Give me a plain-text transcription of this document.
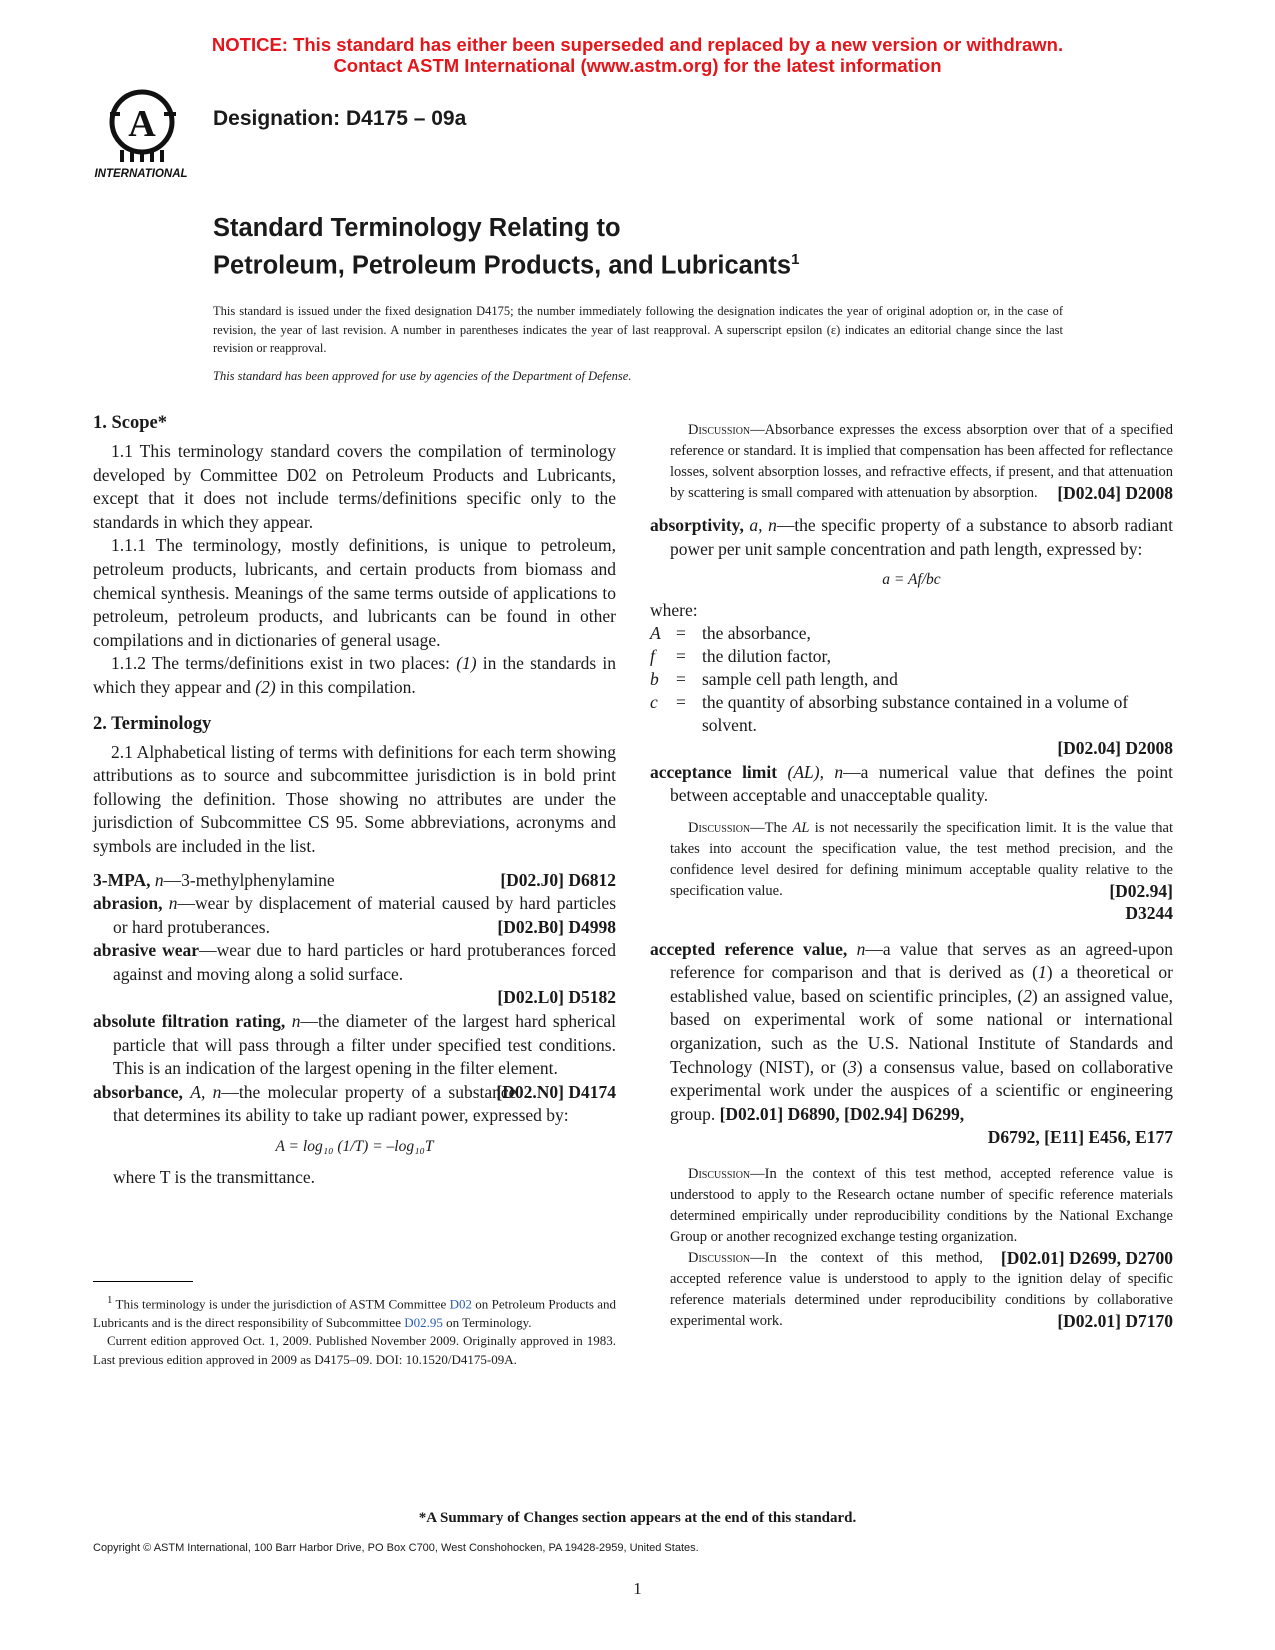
NOTICE: This standard has either been superseded and replaced by a new version or withdrawn.
Contact ASTM International (www.astm.org) for the latest information
A
INTERNATIONAL
Designation: D4175 – 09a
Standard Terminology Relating to
Petroleum, Petroleum Products, and Lubricants$^1$
This standard is issued under the fixed designation D4175; the number immediately following the designation indicates the year of original adoption or, in the case of revision, the year of last revision. A number in parentheses indicates the year of last reapproval. A superscript epsilon (ε) indicates an editorial change since the last revision or reapproval.
This standard has been approved for use by agencies of the Department of Defense.
1. Scope*

1.1 This terminology standard covers the compilation of terminology developed by Committee D02 on Petroleum Products and Lubricants, except that it does not include terms/definitions specific only to the standards in which they appear.

1.1.1 The terminology, mostly definitions, is unique to petroleum, petroleum products, lubricants, and certain products from biomass and chemical synthesis. Meanings of the same terms outside of applications to petroleum, petroleum products, and lubricants can be found in other compilations and in dictionaries of general usage.

1.1.2 The terms/definitions exist in two places: (1) in the standards in which they appear and (2) in this compilation.

2. Terminology

2.1 Alphabetical listing of terms with definitions for each term showing attributions as to source and subcommittee jurisdiction is in bold print following the definition. Those showing no attributes are under the jurisdiction of Subcommittee CS 95. Some abbreviations, acronyms and symbols are included in the list.

3-MPA, n—3-methylphenylamine	[D02.J0] D6812

abrasion, n—wear by displacement of material caused by hard particles or hard protuberances.	[D02.B0] D4998

abrasive wear—wear due to hard particles or hard protuberances forced against and moving along a solid surface.

[D02.L0] D5182

absolute filtration rating, n—the diameter of the largest hard spherical particle that will pass through a filter under specified test conditions. This is an indication of the largest opening in the filter element.
[D02.N0] D4174

absorbance, A, n—the molecular property of a substance that determines its ability to take up radiant power, expressed by:

A = log₁₀ (1/T) = –log₁₀T

where T is the transmittance.

$^1$ This terminology is under the jurisdiction of ASTM Committee D02 on Petroleum Products and Lubricants and is the direct responsibility of Subcommittee D02.95 on Terminology.

Current edition approved Oct. 1, 2009. Published November 2009. Originally approved in 1983. Last previous edition approved in 2009 as D4175–09. DOI: 10.1520/D4175-09A.

Discussion—Absorbance expresses the excess absorption over that of a specified reference or standard. It is implied that compensation has been affected for reflectance losses, solvent absorption losses, and refractive effects, if present, and that attenuation by scattering is small compared with attenuation by absorption.	[D02.04] D2008

absorptivity, a, n—the specific property of a substance to absorb radiant power per unit sample concentration and path length, expressed by:

a = Af/bc
where:
A = the absorbance,
f	= the dilution factor,
b = sample cell path length, and
c	= the quantity of absorbing substance contained in a volume of solvent.
[D02.04] D2008

acceptance limit (AL), n—a numerical value that defines the point between acceptable and unacceptable quality.

Discussion—The AL is not necessarily the specification limit. It is the value that takes into account the specification value, the test method precision, and the confidence level desired for defining minimum acceptable quality relative to the specification value.	[D02.94]

D3244

accepted reference value, n—a value that serves as an agreed-upon reference for comparison and that is derived as (1) a theoretical or established value, based on scientific principles, (2) an assigned value, based on experimental work of some national or international organization, such as the U.S. National Institute of Standards and Technology (NIST), or (3) a consensus value, based on collaborative experimental work under the auspices of a scientific or engineering group. [D02.01] D6890, [D02.94] D6299,

D6792, [E11] E456, E177

Discussion—In the context of this test method, accepted reference value is understood to apply to the Research octane number of specific reference materials determined empirically under reproducibility conditions by the National Exchange Group or another recognized exchange testing organization.
[D02.01] D2699, D2700

Discussion—In the context of this method, accepted reference value is understood to apply to the ignition delay of specific reference materials determined under reproducibility conditions by collaborative experimental work.	[D02.01] D7170

*A Summary of Changes section appears at the end of this standard.
Copyright © ASTM International, 100 Barr Harbor Drive, PO Box C700, West Conshohocken, PA 19428-2959, United States.
1
